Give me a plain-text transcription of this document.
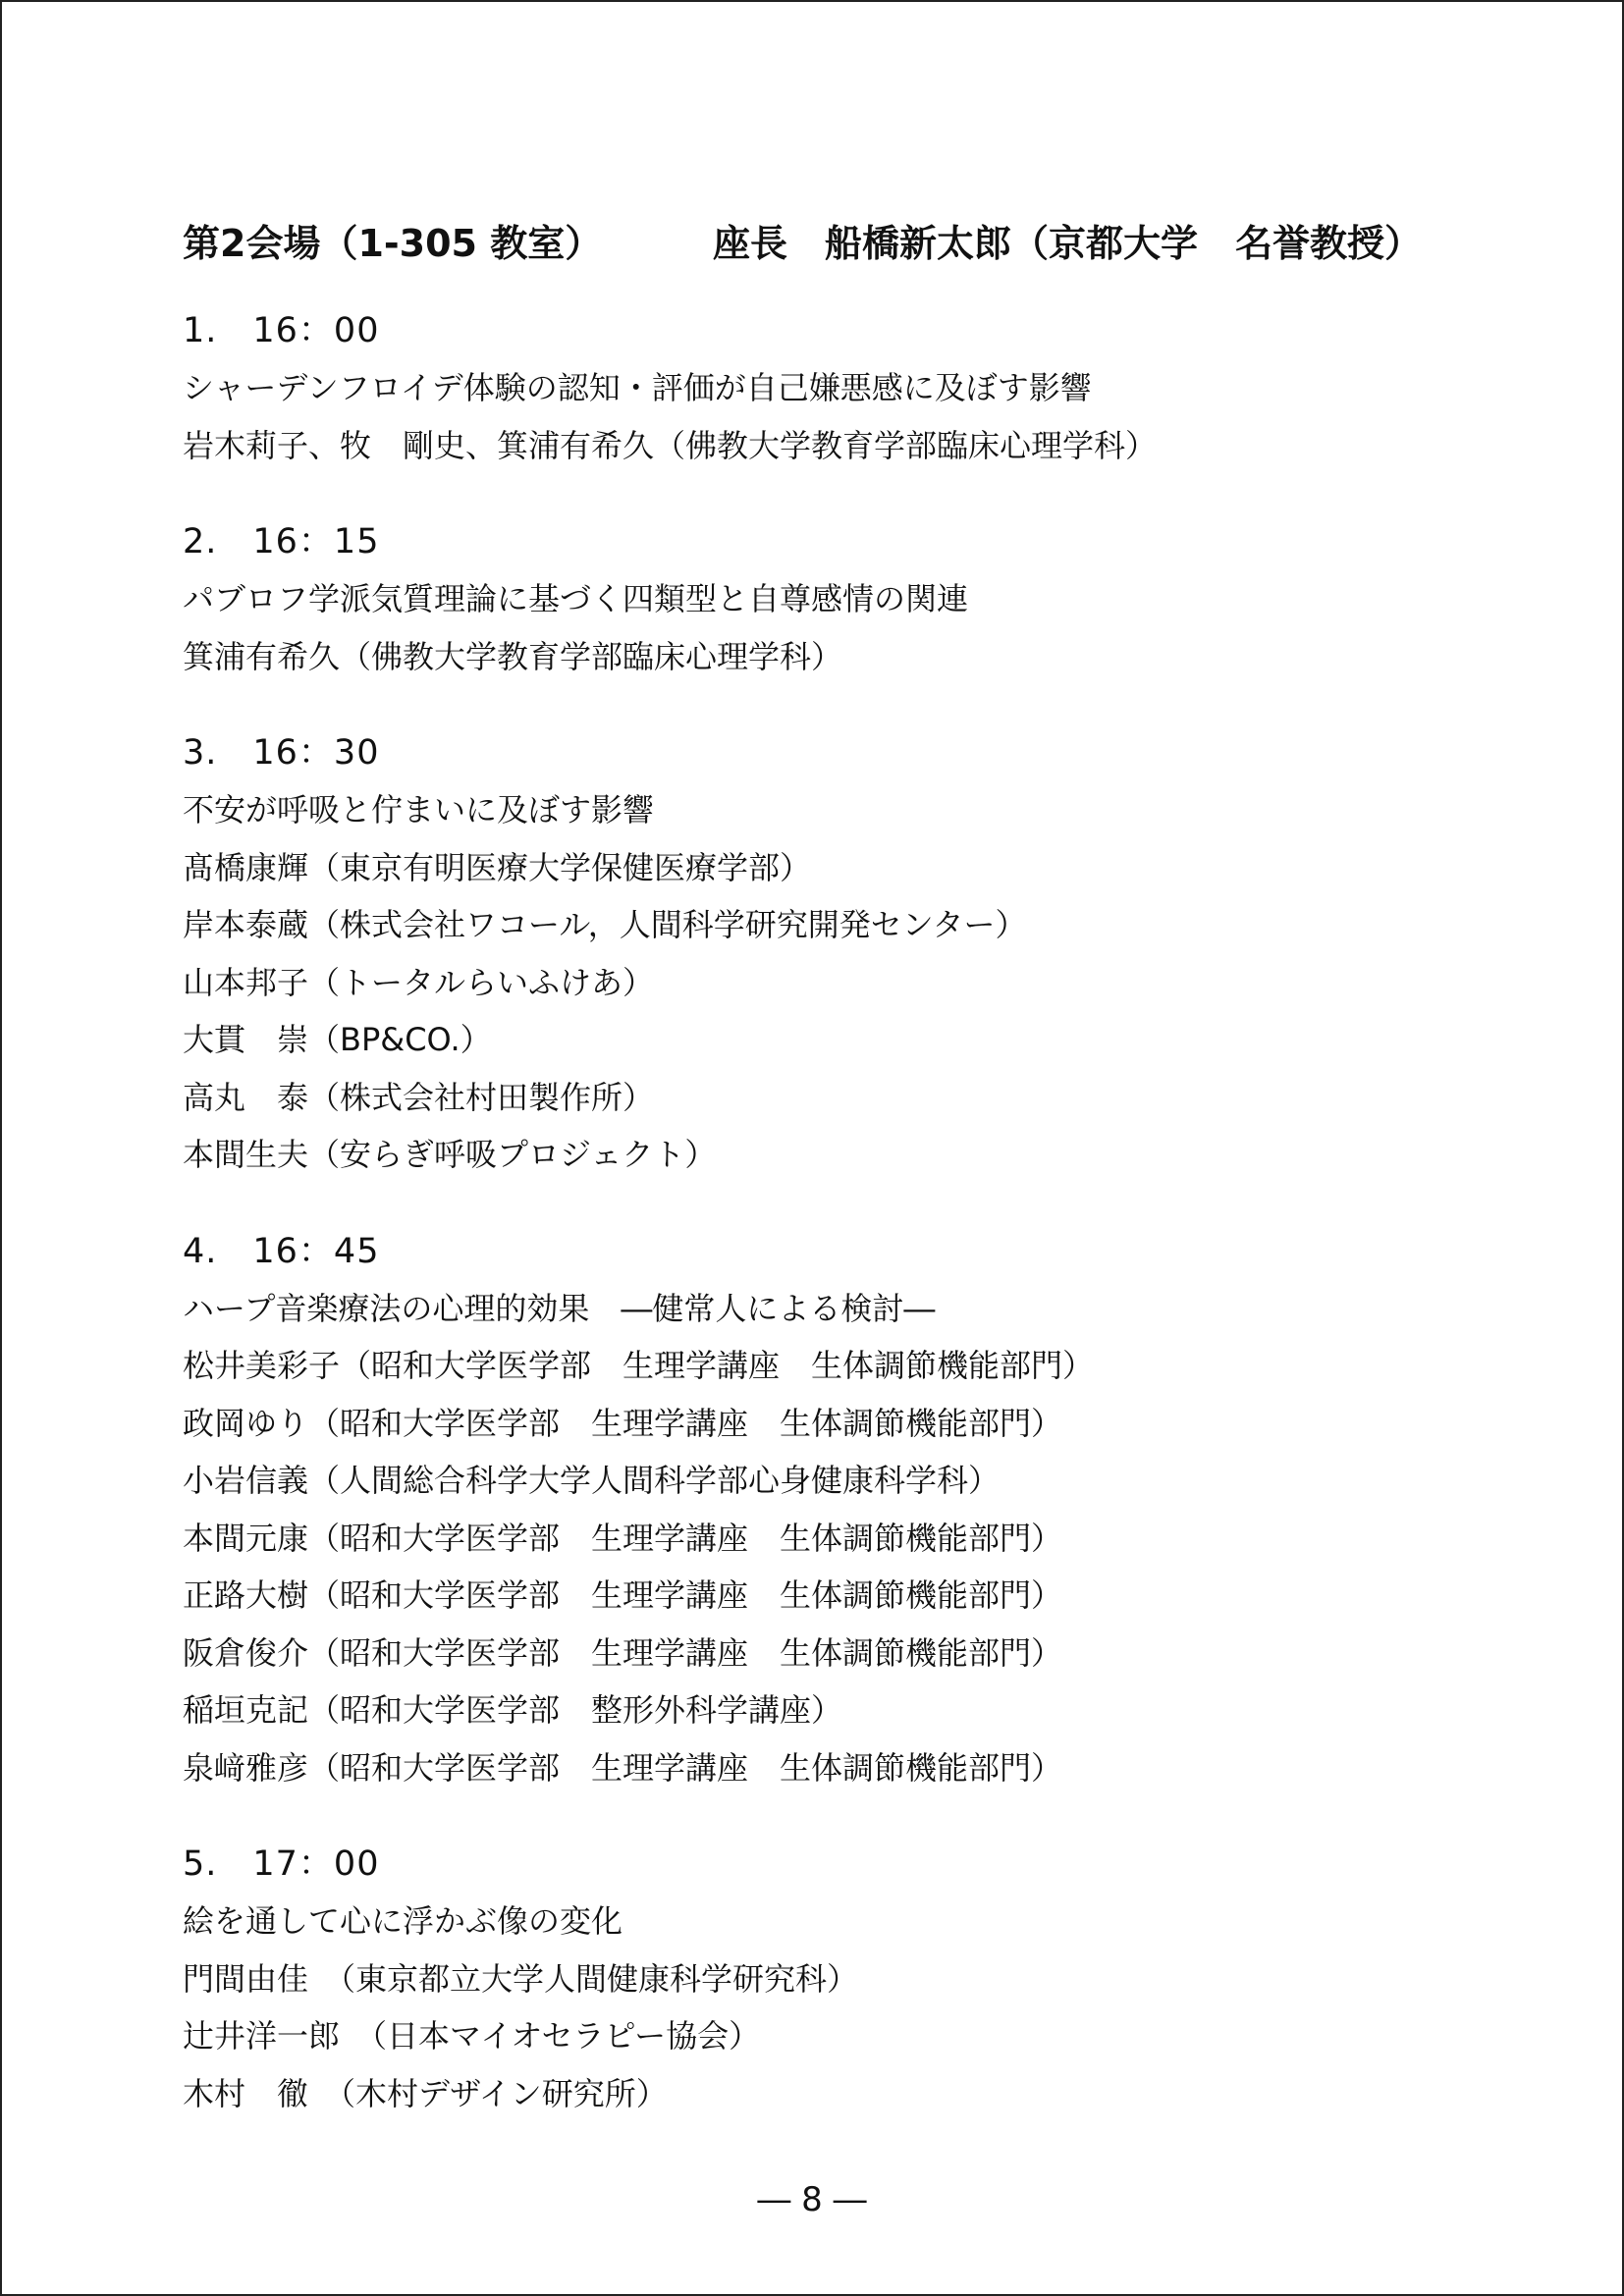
第2会場（1-305 教室）	座長　船橋新太郎（京都大学　名誉教授）
1.　16：00
シャーデンフロイデ体験の認知・評価が自己嫌悪感に及ぼす影響
岩木莉子、牧　剛史、箕浦有希久（佛教大学教育学部臨床心理学科）
2.　16：15
パブロフ学派気質理論に基づく四類型と自尊感情の関連
箕浦有希久（佛教大学教育学部臨床心理学科）
3.　16：30
不安が呼吸と佇まいに及ぼす影響
髙橋康輝（東京有明医療大学保健医療学部）
岸本泰蔵（株式会社ワコール，人間科学研究開発センター）
山本邦子（トータルらいふけあ）
大貫　崇（BP&CO.）
高丸　泰（株式会社村田製作所）
本間生夫（安らぎ呼吸プロジェクト）
4.　16：45
ハープ音楽療法の心理的効果　―健常人による検討―
松井美彩子（昭和大学医学部　生理学講座　生体調節機能部門）
政岡ゆり（昭和大学医学部　生理学講座　生体調節機能部門）
小岩信義（人間総合科学大学人間科学部心身健康科学科）
本間元康（昭和大学医学部　生理学講座　生体調節機能部門）
正路大樹（昭和大学医学部　生理学講座　生体調節機能部門）
阪倉俊介（昭和大学医学部　生理学講座　生体調節機能部門）
稲垣克記（昭和大学医学部　整形外科学講座）
泉﨑雅彦（昭和大学医学部　生理学講座　生体調節機能部門）
5.　17：00
絵を通して心に浮かぶ像の変化
門間由佳　（東京都立大学人間健康科学研究科）
辻井洋一郎　（日本マイオセラピー協会）
木村　徹　（木村デザイン研究所）
― 8 ―
